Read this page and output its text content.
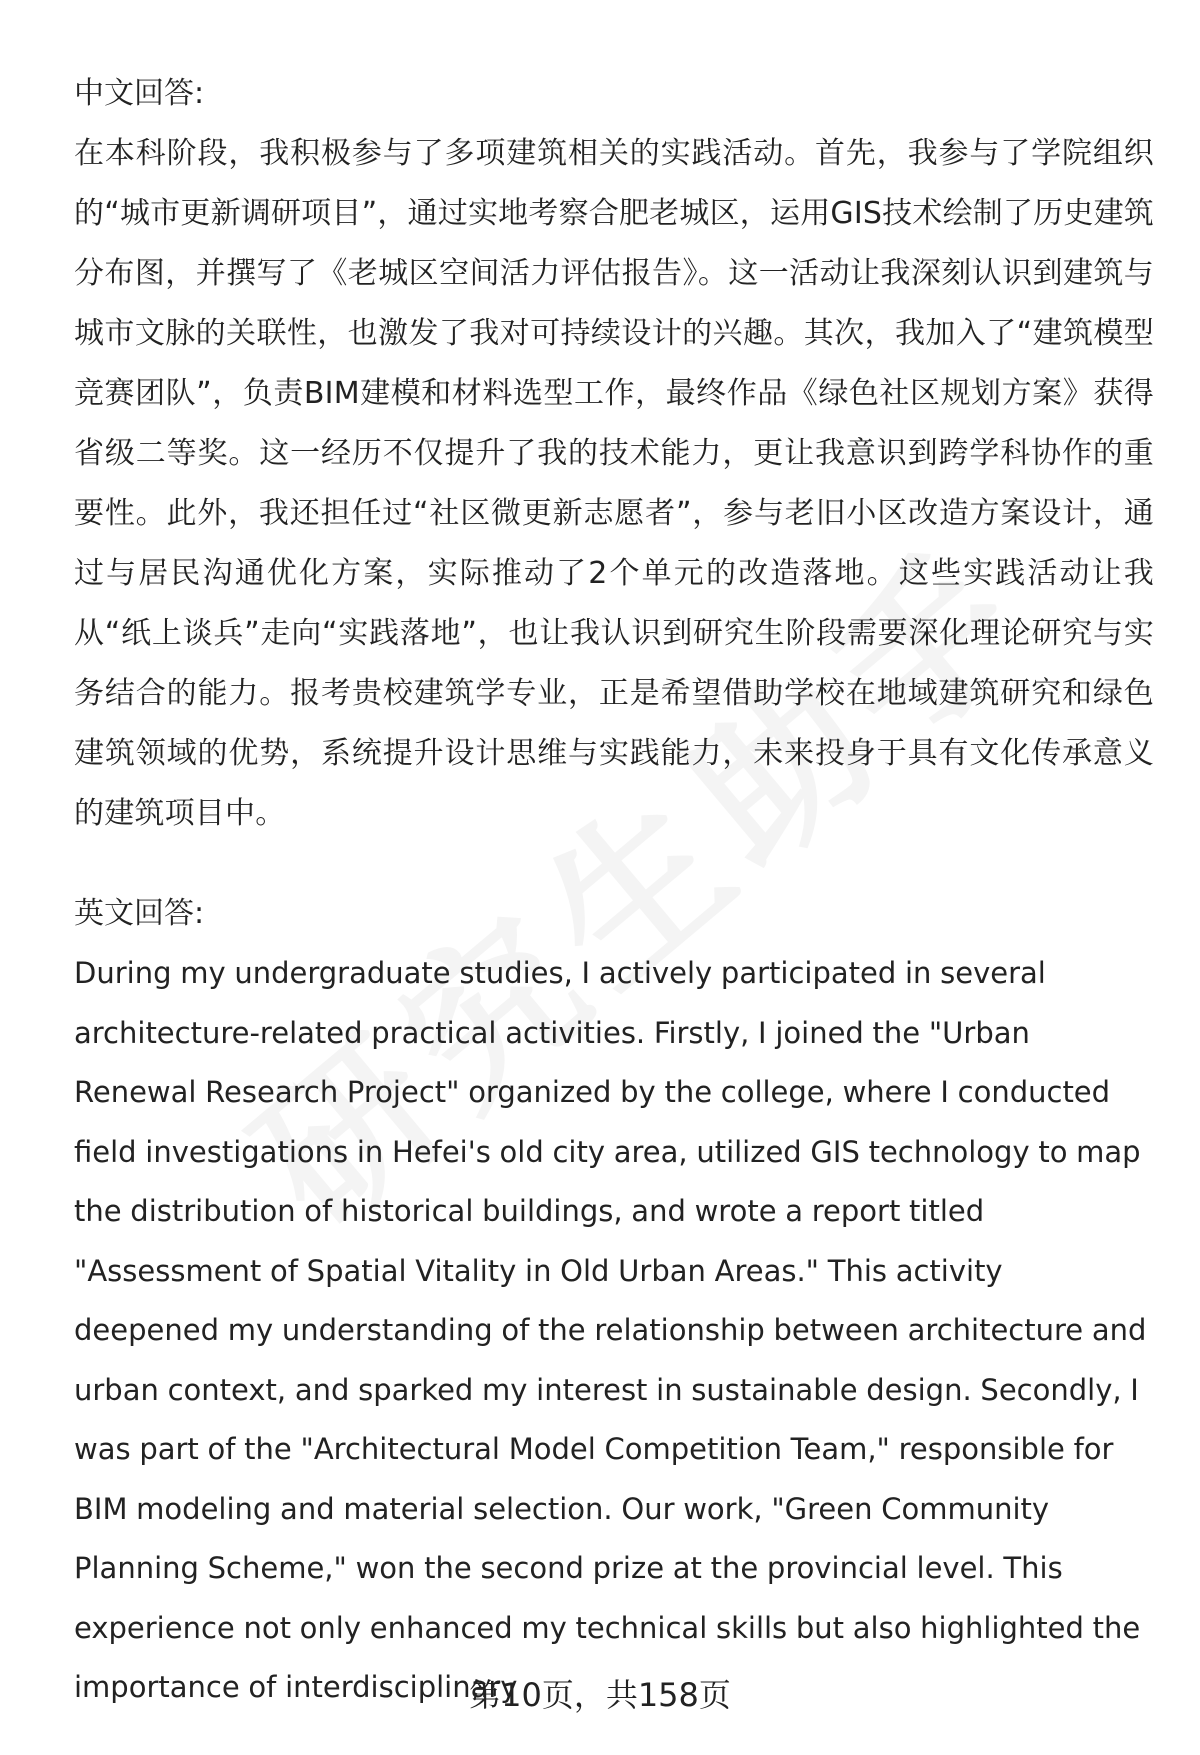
中文回答:

在本科阶段，我积极参与了多项建筑相关的实践活动。首先，我参与了学院组织的“城市更新调研项目”，通过实地考察合肥老城区，运用GIS技术绘制了历史建筑分布图，并撰写了《老城区空间活力评估报告》。这一活动让我深刻认识到建筑与城市文脉的关联性，也激发了我对可持续设计的兴趣。其次，我加入了“建筑模型竞赛团队”，负责BIM建模和材料选型工作，最终作品《绿色社区规划方案》获得省级二等奖。这一经历不仅提升了我的技术能力，更让我意识到跨学科协作的重要性。此外，我还担任过“社区微更新志愿者”，参与老旧小区改造方案设计，通过与居民沟通优化方案，实际推动了2个单元的改造落地。这些实践活动让我从“纸上谈兵”走向“实践落地”，也让我认识到研究生阶段需要深化理论研究与实务结合的能力。报考贵校建筑学专业，正是希望借助学校在地域建筑研究和绿色建筑领域的优势，系统提升设计思维与实践能力，未来投身于具有文化传承意义的建筑项目中。

英文回答:

During my undergraduate studies, I actively participated in several architecture-related practical activities. Firstly, I joined the "Urban Renewal Research Project" organized by the college, where I conducted field investigations in Hefei's old city area, utilized GIS technology to map the distribution of historical buildings, and wrote a report titled "Assessment of Spatial Vitality in Old Urban Areas." This activity deepened my understanding of the relationship between architecture and urban context, and sparked my interest in sustainable design. Secondly, I was part of the "Architectural Model Competition Team," responsible for BIM modeling and material selection. Our work, "Green Community Planning Scheme," won the second prize at the provincial level. This experience not only enhanced my technical skills but also highlighted the importance of interdisciplinary

第10页，共158页
